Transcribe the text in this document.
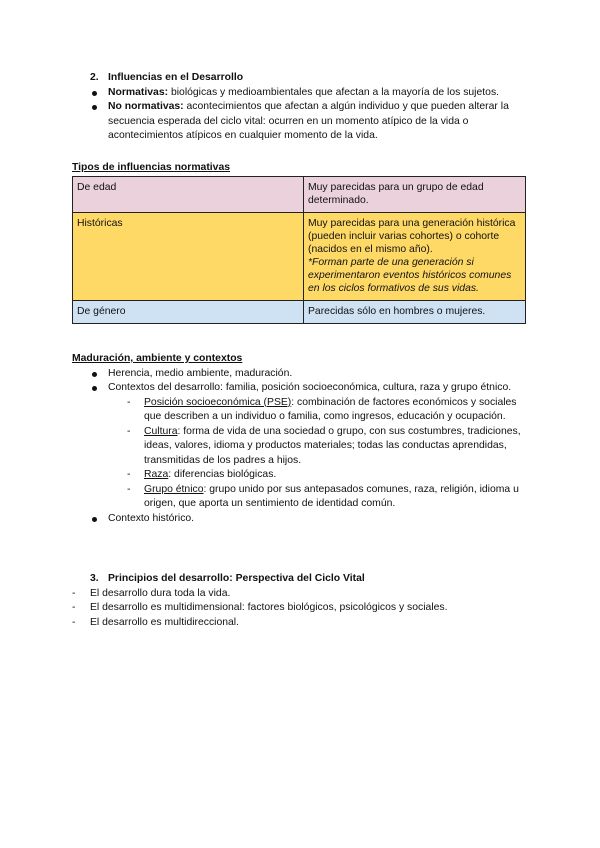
2. Influencias en el Desarrollo
Normativas: biológicas y medioambientales que afectan a la mayoría de los sujetos.
No normativas: acontecimientos que afectan a algún individuo y que pueden alterar la secuencia esperada del ciclo vital: ocurren en un momento atípico de la vida o acontecimientos atípicos en cualquier momento de la vida.
Tipos de influencias normativas
De edad	Muy parecidas para un grupo de edad determinado.
Históricas	Muy parecidas para una generación histórica (pueden incluir varias cohortes) o cohorte (nacidos en el mismo año).
*Forman parte de una generación si experimentaron eventos históricos comunes en los ciclos formativos de sus vidas.

De género	Parecidas sólo en hombres o mujeres.
Maduración, ambiente y contextos
Herencia, medio ambiente, maduración.
Contextos del desarrollo: familia, posición socioeconómica, cultura, raza y grupo étnico.
- Posición socioeconómica (PSE): combinación de factores económicos y sociales que describen a un individuo o familia, como ingresos, educación y ocupación.
- Cultura: forma de vida de una sociedad o grupo, con sus costumbres, tradiciones, ideas, valores, idioma y productos materiales; todas las conductas aprendidas, transmitidas de los padres a hijos.
- Raza: diferencias biológicas.
- Grupo étnico: grupo unido por sus antepasados comunes, raza, religión, idioma u origen, que aporta un sentimiento de identidad común.
Contexto histórico.
3. Principios del desarrollo: Perspectiva del Ciclo Vital
- El desarrollo dura toda la vida.
- El desarrollo es multidimensional: factores biológicos, psicológicos y sociales.
- El desarrollo es multidireccional.
